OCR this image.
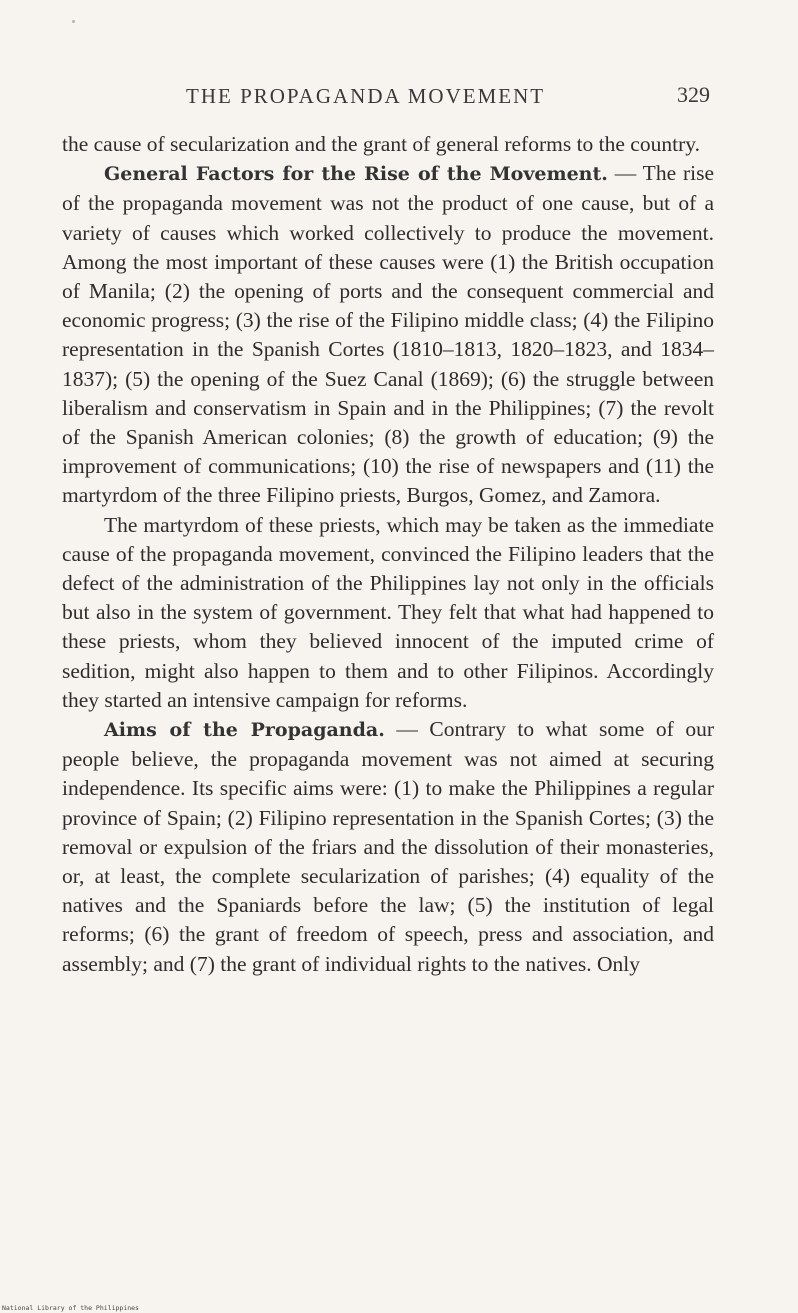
THE PROPAGANDA MOVEMENT	329

the cause of secularization and the grant of general reforms to the country.

General Factors for the Rise of the Movement. — The rise of the propaganda movement was not the product of one cause, but of a variety of causes which worked collectively to produce the movement. Among the most important of these causes were (1) the British occupation of Manila; (2) the opening of ports and the consequent commercial and economic progress; (3) the rise of the Filipino middle class; (4) the Filipino representation in the Spanish Cortes (1810–1813, 1820–1823, and 1834–1837); (5) the opening of the Suez Canal (1869); (6) the struggle between liberalism and conservatism in Spain and in the Philippines; (7) the revolt of the Spanish American colonies; (8) the growth of education; (9) the improvement of communications; (10) the rise of newspapers and (11) the martyrdom of the three Filipino priests, Burgos, Gomez, and Zamora.

The martyrdom of these priests, which may be taken as the immediate cause of the propaganda movement, convinced the Filipino leaders that the defect of the administration of the Philippines lay not only in the officials but also in the system of government. They felt that what had happened to these priests, whom they believed innocent of the imputed crime of sedition, might also happen to them and to other Filipinos. Accordingly they started an intensive campaign for reforms.

Aims of the Propaganda. — Contrary to what some of our people believe, the propaganda movement was not aimed at securing independence. Its specific aims were: (1) to make the Philippines a regular province of Spain; (2) Filipino representation in the Spanish Cortes; (3) the removal or expulsion of the friars and the dissolution of their monasteries, or, at least, the complete secularization of parishes; (4) equality of the natives and the Spaniards before the law; (5) the institution of legal reforms; (6) the grant of freedom of speech, press and association, and assembly; and (7) the grant of individual rights to the natives. Only

National Library of the Philippines
